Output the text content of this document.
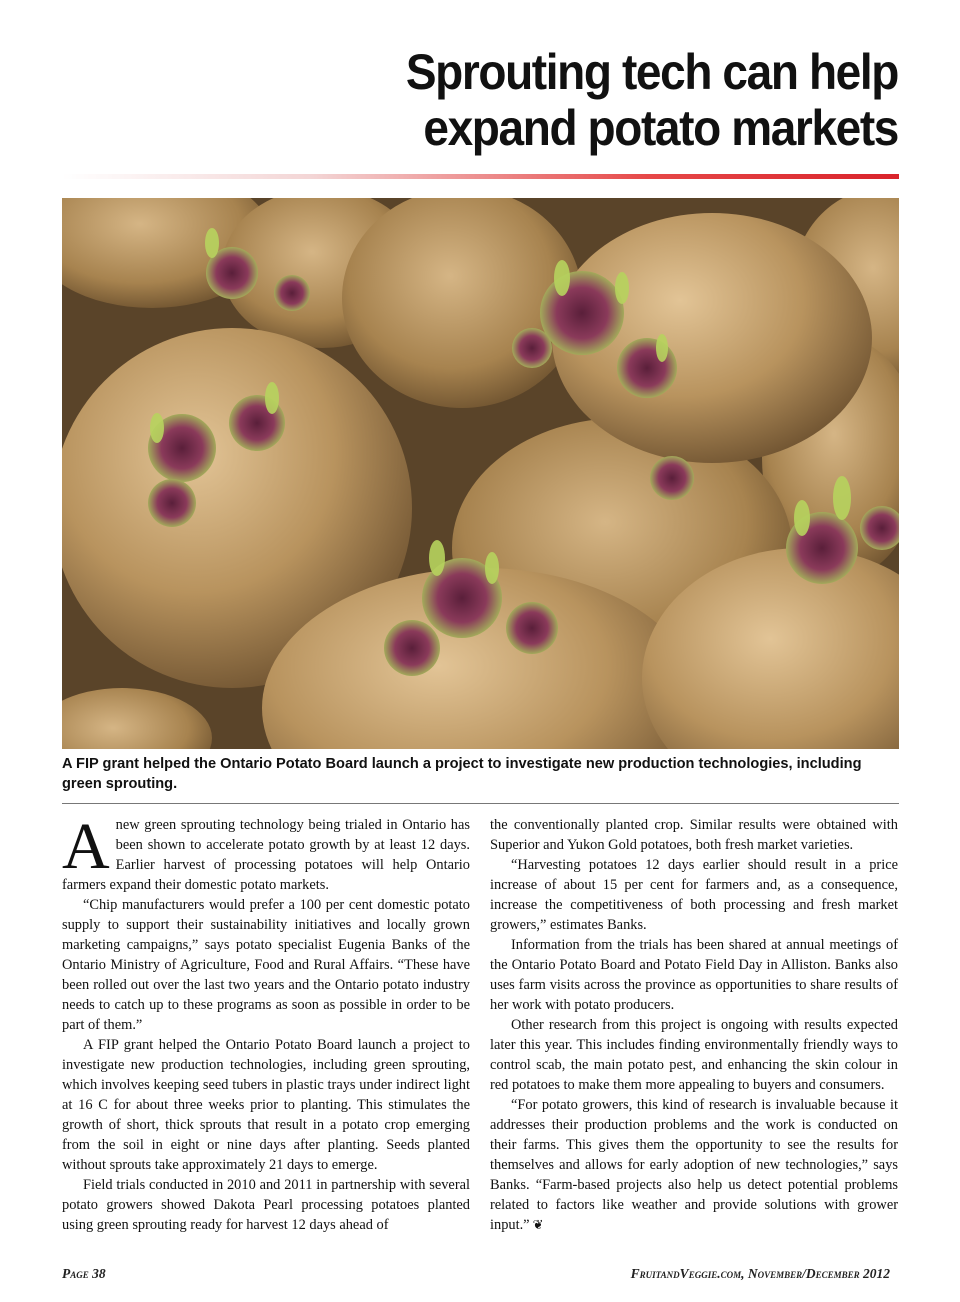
Sprouting tech can help
expand potato markets

A FIP grant helped the Ontario Potato Board launch a project to investigate new production technologies, including green sprouting.

Anew green sprouting technology being trialed in Ontario has been shown to accelerate potato growth by at least 12 days. Earlier harvest of processing potatoes will help Ontario farmers expand their domestic potato markets.

“Chip manufacturers would prefer a 100 per cent domestic potato supply to support their sustainability initiatives and locally grown marketing campaigns,” says potato specialist Eugenia Banks of the Ontario Ministry of Agriculture, Food and Rural Affairs. “These have been rolled out over the last two years and the Ontario potato industry needs to catch up to these programs as soon as possible in order to be part of them.”

A FIP grant helped the Ontario Potato Board launch a project to investigate new production technologies, including green sprouting, which involves keeping seed tubers in plastic trays under indirect light at 16 C for about three weeks prior to planting. This stimulates the growth of short, thick sprouts that result in a potato crop emerging from the soil in eight or nine days after planting. Seeds planted without sprouts take approximately 21 days to emerge.

Field trials conducted in 2010 and 2011 in partnership with several potato growers showed Dakota Pearl processing potatoes planted using green sprouting ready for harvest 12 days ahead of

the conventionally planted crop. Similar results were obtained with Superior and Yukon Gold potatoes, both fresh market varieties.

“Harvesting potatoes 12 days earlier should result in a price increase of about 15 per cent for farmers and, as a consequence, increase the competitiveness of both processing and fresh market growers,” estimates Banks.

Information from the trials has been shared at annual meetings of the Ontario Potato Board and Potato Field Day in Alliston. Banks also uses farm visits across the province as opportunities to share results of her work with potato producers.

Other research from this project is ongoing with results expected later this year. This includes finding environmentally friendly ways to control scab, the main potato pest, and enhancing the skin colour in red potatoes to make them more appealing to buyers and consumers.

“For potato growers, this kind of research is invaluable because it addresses their production problems and the work is conducted on their farms. This gives them the opportunity to see the results for themselves and allows for early adoption of new technologies,” says Banks. “Farm-based projects also help us detect potential problems related to factors like weather and provide solutions with grower input.” ❦

Page 38	FruitandVeggie.com, November/December 2012
